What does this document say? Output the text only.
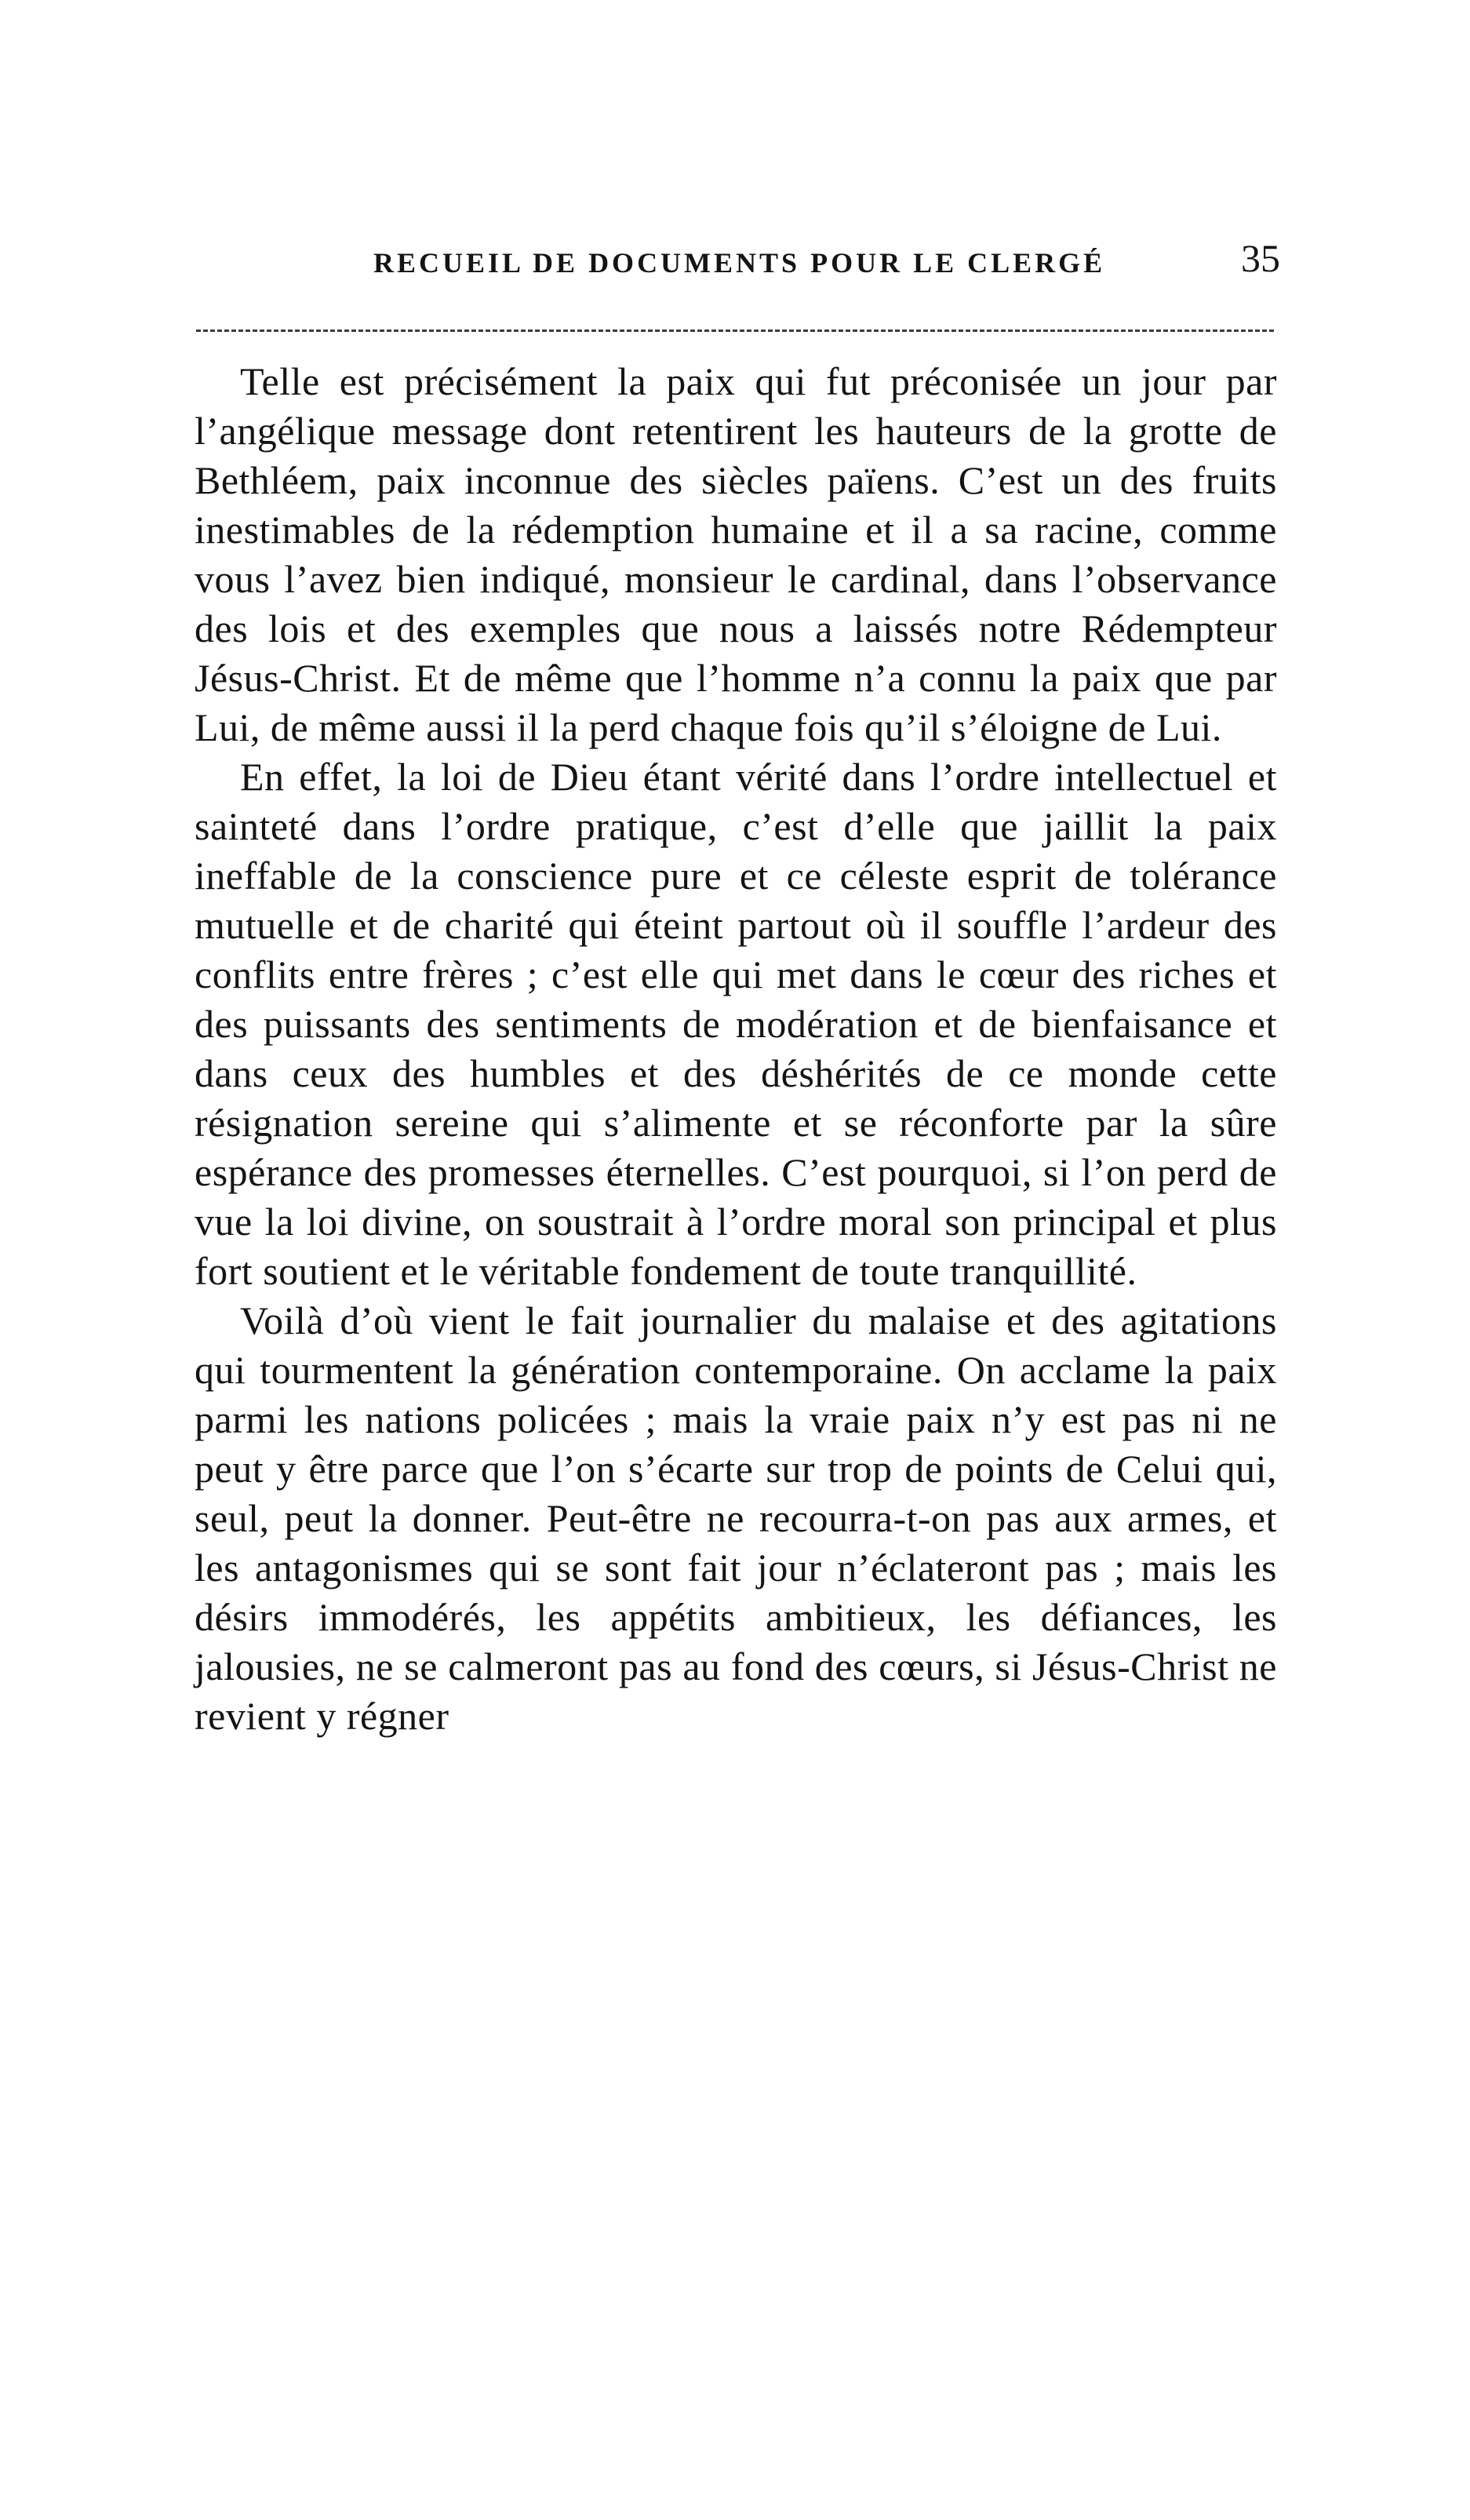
RECUEIL DE DOCUMENTS POUR LE CLERGÉ	35

Telle est précisément la paix qui fut préconisée un jour par l’angélique message dont retentirent les hauteurs de la grotte de Bethléem, paix inconnue des siècles païens. C’est un des fruits inestimables de la rédemption humaine et il a sa racine, comme vous l’avez bien indiqué, monsieur le cardinal, dans l’observance des lois et des exemples que nous a laissés notre Rédempteur Jésus-Christ. Et de même que l’homme n’a connu la paix que par Lui, de même aussi il la perd chaque fois qu’il s’éloigne de Lui.

En effet, la loi de Dieu étant vérité dans l’ordre intellectuel et sainteté dans l’ordre pratique, c’est d’elle que jaillit la paix ineffable de la conscience pure et ce céleste esprit de tolérance mutuelle et de charité qui éteint partout où il souffle l’ardeur des conflits entre frères ; c’est elle qui met dans le cœur des riches et des puissants des sentiments de modération et de bienfaisance et dans ceux des humbles et des déshérités de ce monde cette résignation sereine qui s’alimente et se réconforte par la sûre espérance des promesses éternelles. C’est pourquoi, si l’on perd de vue la loi divine, on soustrait à l’ordre moral son principal et plus fort soutient et le véritable fondement de toute tranquillité.

Voilà d’où vient le fait journalier du malaise et des agitations qui tourmentent la génération contemporaine. On acclame la paix parmi les nations policées ; mais la vraie paix n’y est pas ni ne peut y être parce que l’on s’écarte sur trop de points de Celui qui, seul, peut la donner. Peut-être ne recourra-t-on pas aux armes, et les antagonismes qui se sont fait jour n’éclateront pas ; mais les désirs immodérés, les appétits ambitieux, les défiances, les jalousies, ne se calmeront pas au fond des cœurs, si Jésus-Christ ne revient y régner
